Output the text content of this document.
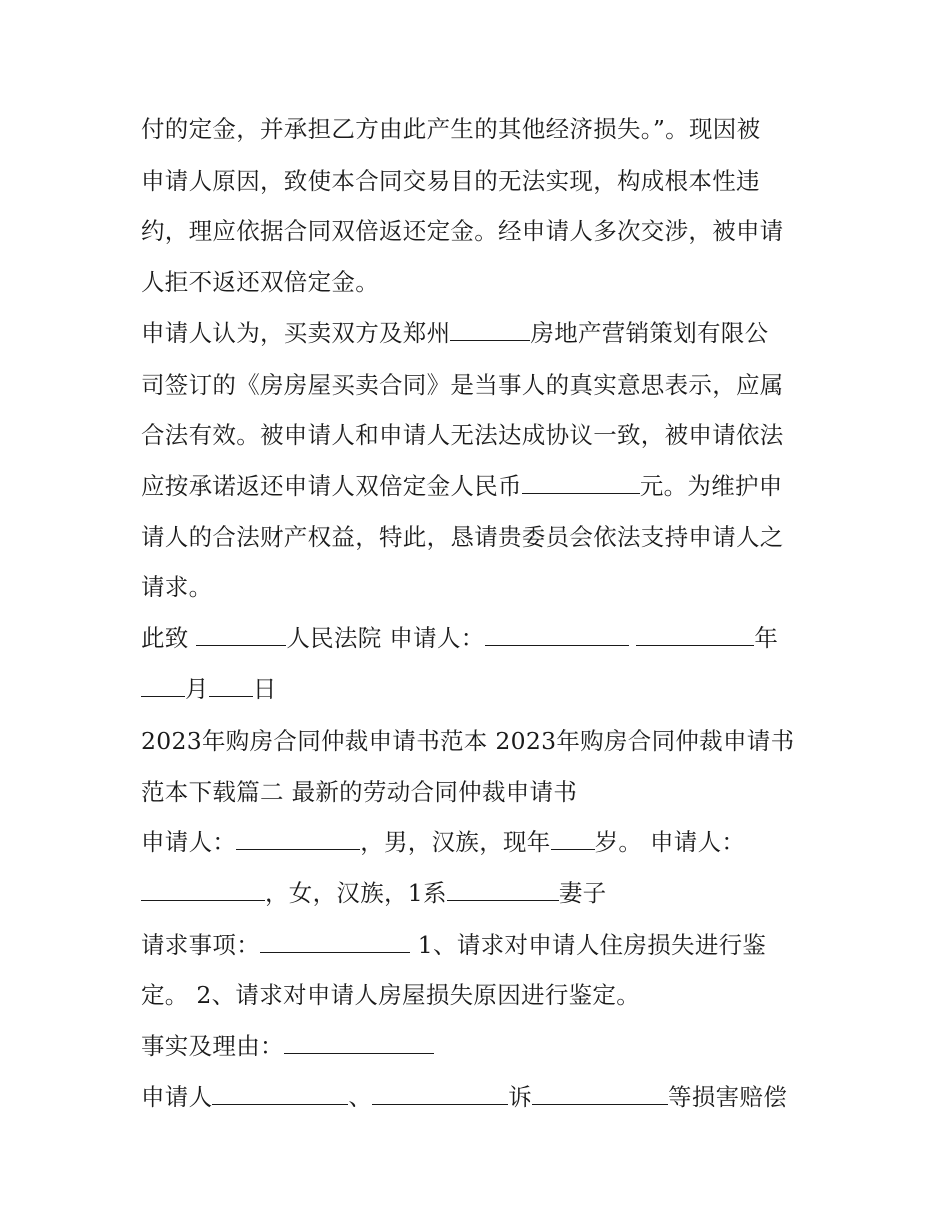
付的定金，并承担乙方由此产生的其他经济损失。”。现因被
申请人原因，致使本合同交易目的无法实现，构成根本性违
约，理应依据合同双倍返还定金。经申请人多次交涉，被申请
人拒不返还双倍定金。
申请人认为，买卖双方及郑州	房地产营销策划有限公
司签订的《房房屋买卖合同》是当事人的真实意思表示，应属
合法有效。被申请人和申请人无法达成协议一致，被申请依法
应按承诺返还申请人双倍定金人民币	元。为维护申
请人的合法财产权益，特此，恳请贵委员会依法支持申请人之
请求。
此致	人民法院 申请人：	年
月 日
2023年购房合同仲裁申请书范本 2023年购房合同仲裁申请书
范本下载篇二 最新的劳动合同仲裁申请书
申请人：	，男，汉族，现年 岁。 申请人：
，女，汉族，1系	妻子
请求事项：	1、请求对申请人住房损失进行鉴
定。 2、请求对申请人房屋损失原因进行鉴定。
事实及理由：
申请人	、	诉	等损害赔偿
